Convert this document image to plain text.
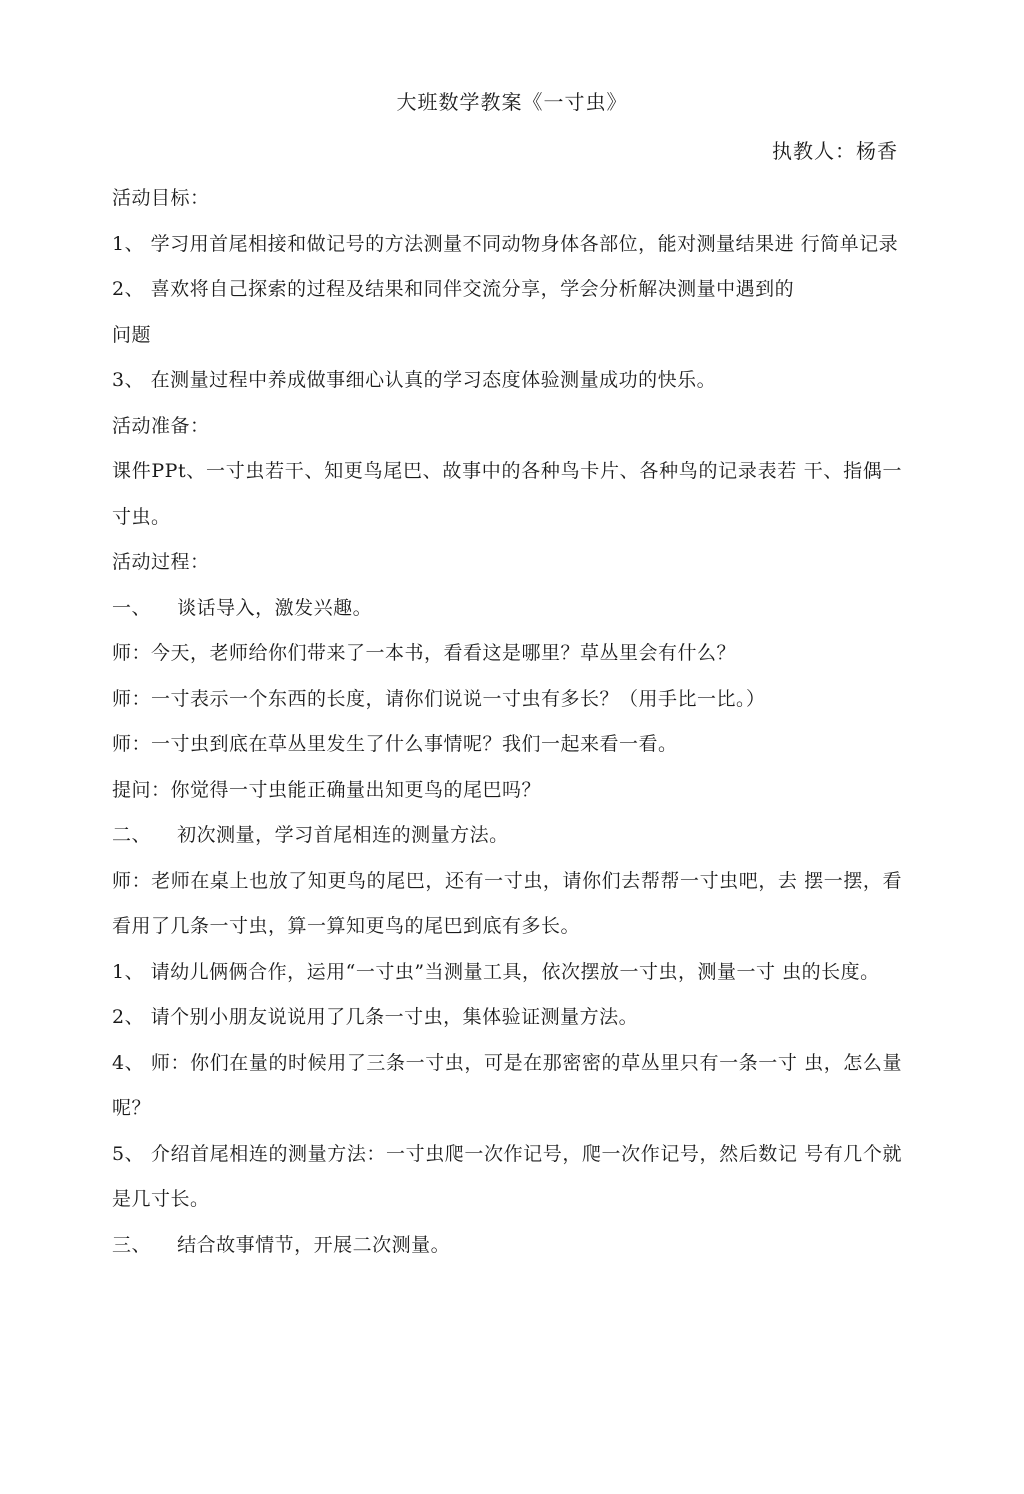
大班数学教案《一寸虫》
执教人：杨香

活动目标：

1、 学习用首尾相接和做记号的方法测量不同动物身体各部位，能对测量结果进 行简单记录

2、 喜欢将自己探索的过程及结果和同伴交流分享，学会分析解决测量中遇到的

问题

3、 在测量过程中养成做事细心认真的学习态度体验测量成功的快乐。

活动准备：

课件PPt、一寸虫若干、知更鸟尾巴、故事中的各种鸟卡片、各种鸟的记录表若 干、指偶一寸虫。

活动过程：

一、    谈话导入，激发兴趣。

师：今天，老师给你们带来了一本书，看看这是哪里？草丛里会有什么？

师：一寸表示一个东西的长度，请你们说说一寸虫有多长？（用手比一比。）

师：一寸虫到底在草丛里发生了什么事情呢？我们一起来看一看。

提问：你觉得一寸虫能正确量出知更鸟的尾巴吗？

二、    初次测量，学习首尾相连的测量方法。

师：老师在桌上也放了知更鸟的尾巴，还有一寸虫，请你们去帮帮一寸虫吧，去 摆一摆，看看用了几条一寸虫，算一算知更鸟的尾巴到底有多长。

1、 请幼儿俩俩合作，运用“一寸虫”当测量工具，依次摆放一寸虫，测量一寸 虫的长度。

2、 请个别小朋友说说用了几条一寸虫，集体验证测量方法。

4、 师：你们在量的时候用了三条一寸虫，可是在那密密的草丛里只有一条一寸 虫，怎么量呢？

5、 介绍首尾相连的测量方法：一寸虫爬一次作记号，爬一次作记号，然后数记 号有几个就是几寸长。

三、    结合故事情节，开展二次测量。
